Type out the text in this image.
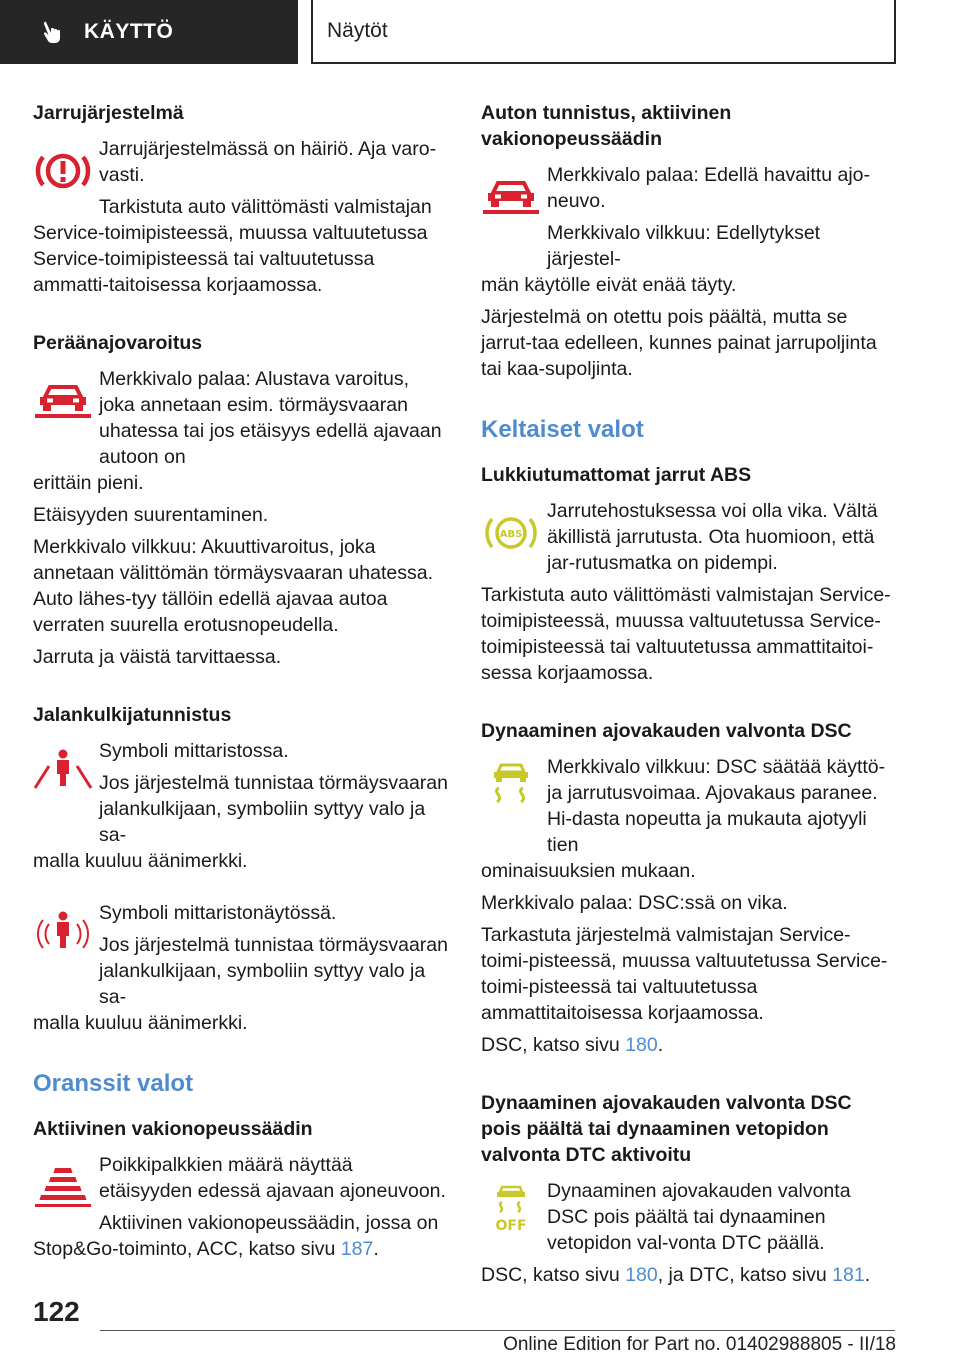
KÄYTTÖ	Näytöt
Jarrujärjestelmä

Jarrujärjestelmässä on häiriö. Aja varo-vasti.

Tarkistuta auto välittömästi valmistajan

Service-toimipisteessä, muussa valtuutetussa Service-toimipisteessä tai valtuutetussa ammatti-taitoisessa korjaamossa.

Peräänajovaroitus

Merkkivalo palaa: Alustava varoitus, joka annetaan esim. törmäysvaaran uhatessa tai jos etäisyys edellä ajavaan autoon on

erittäin pieni.

Etäisyyden suurentaminen.

Merkkivalo vilkkuu: Akuuttivaroitus, joka annetaan välittömän törmäysvaaran uhatessa. Auto lähes-tyy tällöin edellä ajavaa autoa verraten suurella erotusnopeudella.

Jarruta ja väistä tarvittaessa.

Jalankulkijatunnistus

Symboli mittaristossa.

Jos järjestelmä tunnistaa törmäysvaaran jalankulkijaan, symboliin syttyy valo ja sa-

malla kuuluu äänimerkki.

Symboli mittaristonäytössä.

Jos järjestelmä tunnistaa törmäysvaaran jalankulkijaan, symboliin syttyy valo ja sa-

malla kuuluu äänimerkki.

Oranssit valot
Aktiivinen vakionopeussäädin

Poikkipalkkien määrä näyttää etäisyyden edessä ajavaan ajoneuvoon.

Aktiivinen vakionopeussäädin, jossa on

Stop&Go-toiminto, ACC, katso sivu 187.

Auton tunnistus, aktiivinen vakionopeussäädin

Merkkivalo palaa: Edellä havaittu ajo-neuvo.

Merkkivalo vilkkuu: Edellytykset järjestel-

män käytölle eivät enää täyty.

Järjestelmä on otettu pois päältä, mutta se jarrut-taa edelleen, kunnes painat jarrupoljinta tai kaa-supoljinta.

Keltaiset valot
Lukkiutumattomat jarrut ABS
ABS

Jarrutehostuksessa voi olla vika. Vältä äkillistä jarrutusta. Ota huomioon, että jar-rutusmatka on pidempi.

Tarkistuta auto välittömästi valmistajan Service-toimipisteessä, muussa valtuutetussa Service-toimipisteessä tai valtuutetussa ammattitaitoi-sessa korjaamossa.

Dynaaminen ajovakauden valvonta DSC

Merkkivalo vilkkuu: DSC säätää käyttö- ja jarrutusvoimaa. Ajovakaus paranee. Hi-dasta nopeutta ja mukauta ajotyyli tien

ominaisuuksien mukaan.

Merkkivalo palaa: DSC:ssä on vika.

Tarkastuta järjestelmä valmistajan Service-toimi-pisteessä, muussa valtuutetussa Service-toimi-pisteessä tai valtuutetussa ammattitaitoisessa korjaamossa.

DSC, katso sivu 180.

Dynaaminen ajovakauden valvonta DSC pois päältä tai dynaaminen vetopidon valvonta DTC aktivoitu
OFF

Dynaaminen ajovakauden valvonta DSC pois päältä tai dynaaminen vetopidon val-vonta DTC päällä.

DSC, katso sivu 180, ja DTC, katso sivu 181.

122
Online Edition for Part no. 01402988805 - II/18
